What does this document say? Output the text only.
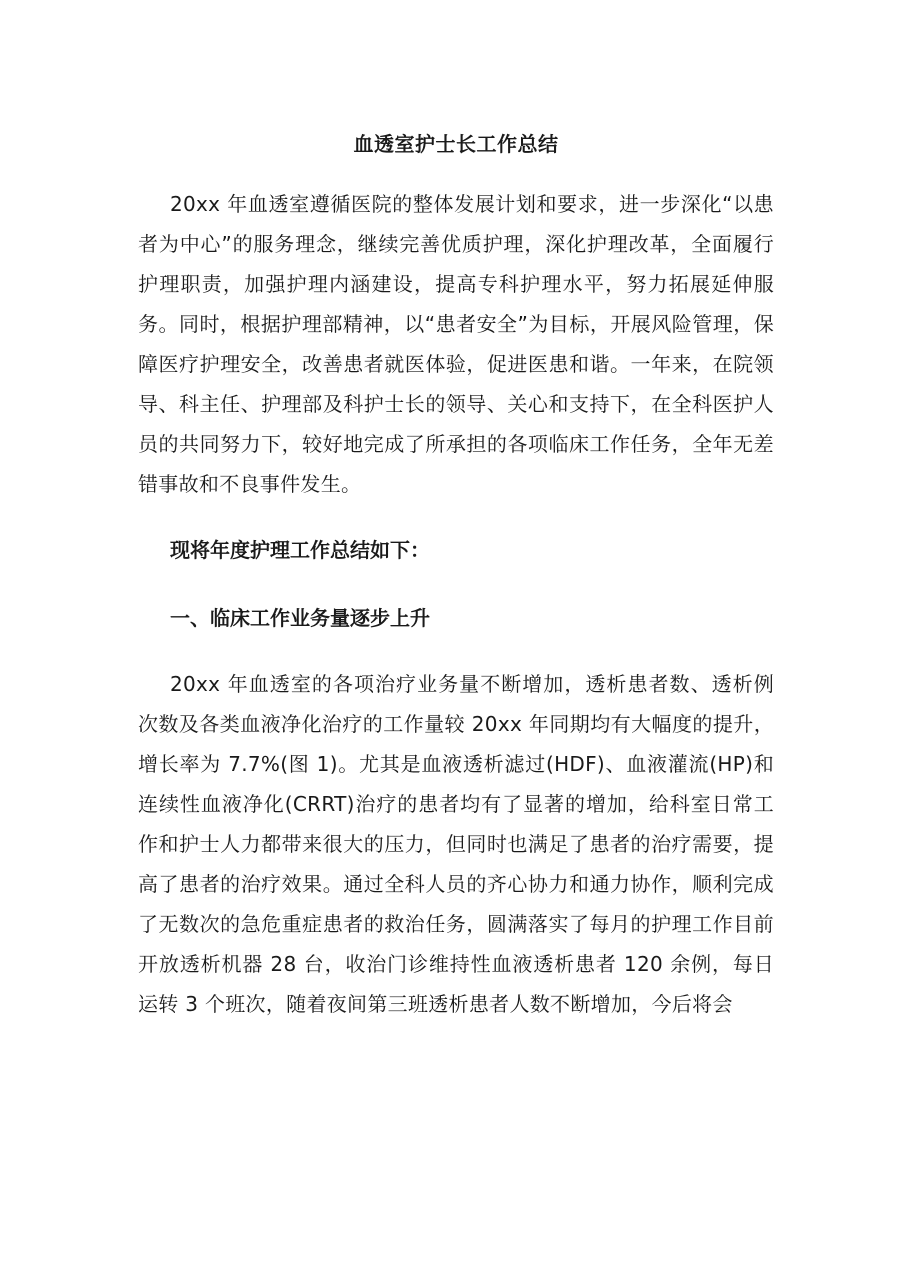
血透室护士长工作总结

20xx 年血透室遵循医院的整体发展计划和要求，进一步深化“以患者为中心”的服务理念，继续完善优质护理，深化护理改革，全面履行护理职责，加强护理内涵建设，提高专科护理水平，努力拓展延伸服务。同时，根据护理部精神，以“患者安全”为目标，开展风险管理，保障医疗护理安全，改善患者就医体验，促进医患和谐。一年来，在院领导、科主任、护理部及科护士长的领导、关心和支持下，在全科医护人员的共同努力下，较好地完成了所承担的各项临床工作任务，全年无差错事故和不良事件发生。

现将年度护理工作总结如下：

一、临床工作业务量逐步上升

20xx 年血透室的各项治疗业务量不断增加，透析患者数、透析例次数及各类血液净化治疗的工作量较 20xx 年同期均有大幅度的提升，增长率为 7.7%(图 1)。尤其是血液透析滤过(HDF)、血液灌流(HP)和连续性血液净化(CRRT)治疗的患者均有了显著的增加，给科室日常工作和护士人力都带来很大的压力，但同时也满足了患者的治疗需要，提高了患者的治疗效果。通过全科人员的齐心协力和通力协作，顺利完成了无数次的急危重症患者的救治任务，圆满落实了每月的护理工作目前开放透析机器 28 台，收治门诊维持性血液透析患者 120 余例，每日运转 3 个班次，随着夜间第三班透析患者人数不断增加，今后将会
